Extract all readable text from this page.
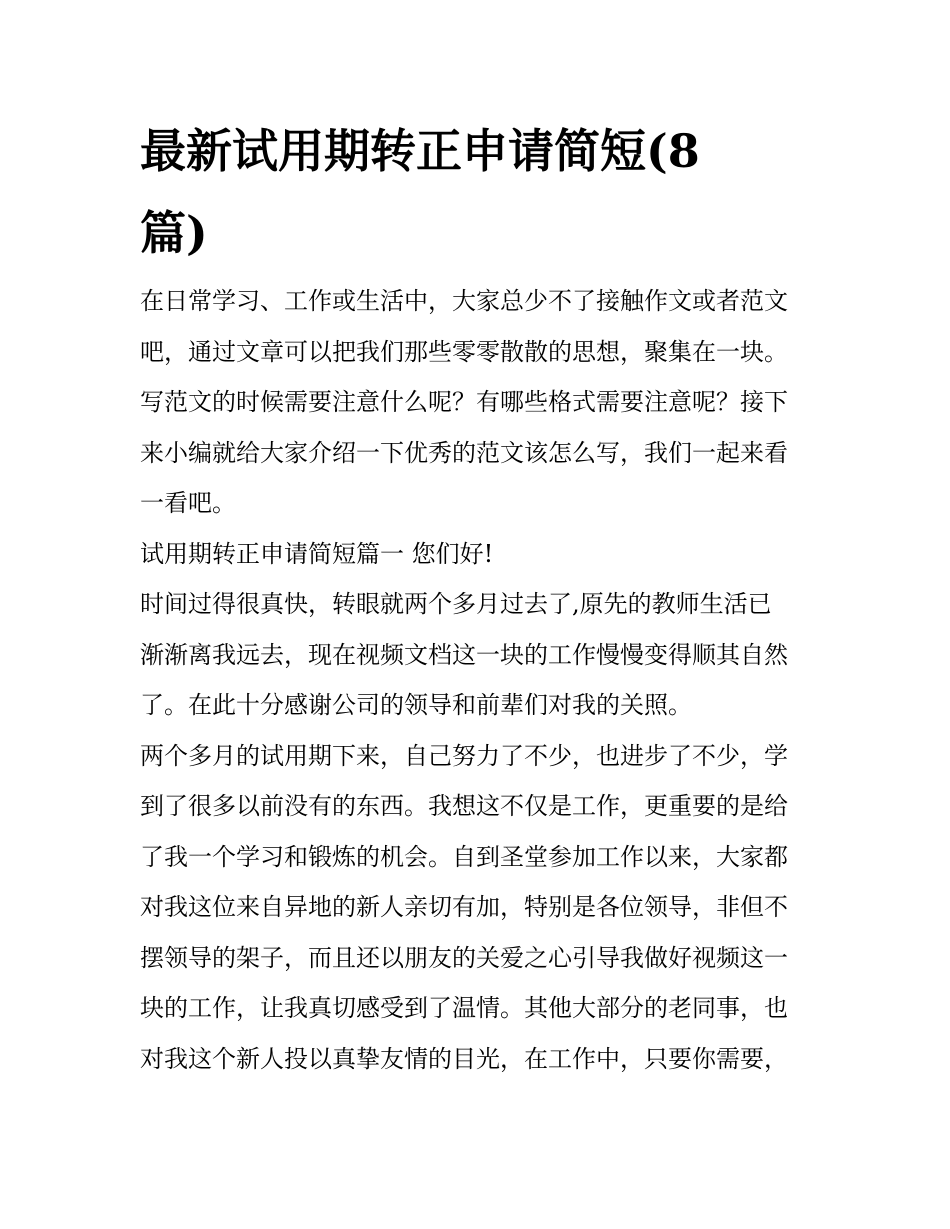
最新试用期转正申请简短(8
篇)
在日常学习、工作或生活中，大家总少不了接触作文或者范文
吧，通过文章可以把我们那些零零散散的思想，聚集在一块。
写范文的时候需要注意什么呢？有哪些格式需要注意呢？接下
来小编就给大家介绍一下优秀的范文该怎么写，我们一起来看
一看吧。
试用期转正申请简短篇一 您们好!
时间过得很真快，转眼就两个多月过去了,原先的教师生活已
渐渐离我远去，现在视频文档这一块的工作慢慢变得顺其自然
了。在此十分感谢公司的领导和前辈们对我的关照。
两个多月的试用期下来，自己努力了不少，也进步了不少，学
到了很多以前没有的东西。我想这不仅是工作，更重要的是给
了我一个学习和锻炼的机会。自到圣堂参加工作以来，大家都
对我这位来自异地的新人亲切有加，特别是各位领导，非但不
摆领导的架子，而且还以朋友的关爱之心引导我做好视频这一
块的工作，让我真切感受到了温情。其他大部分的老同事，也
对我这个新人投以真挚友情的目光，在工作中，只要你需要，
